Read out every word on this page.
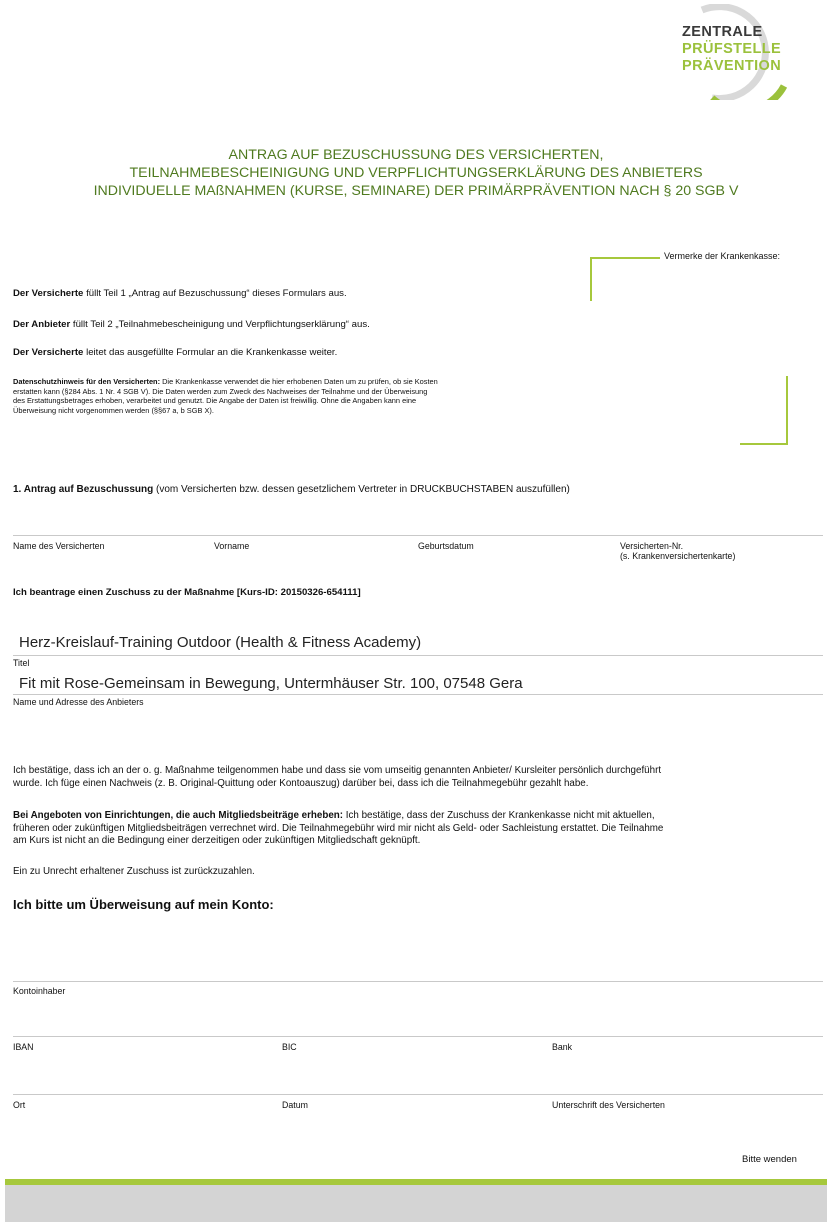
ZENTRALE
PRÜFSTELLE
PRÄVENTION
ANTRAG AUF BEZUSCHUSSUNG DES VERSICHERTEN,
TEILNAHMEBESCHEINIGUNG UND VERPFLICHTUNGSERKLÄRUNG DES ANBIETERS
INDIVIDUELLE MAßNAHMEN (KURSE, SEMINARE) DER PRIMÄRPRÄVENTION NACH § 20 SGB V
Vermerke der Krankenkasse:
Der Versicherte füllt Teil 1 „Antrag auf Bezuschussung“ dieses Formulars aus.
Der Anbieter füllt Teil 2 „Teilnahmebescheinigung und Verpflichtungserklärung“ aus.
Der Versicherte leitet das ausgefüllte Formular an die Krankenkasse weiter.
Datenschutzhinweis für den Versicherten: Die Krankenkasse verwendet die hier erhobenen Daten um zu prüfen, ob sie Kosten
erstatten kann (§284 Abs. 1 Nr. 4 SGB V). Die Daten werden zum Zweck des Nachweises der Teilnahme und der Überweisung
des Erstattungsbetrages erhoben, verarbeitet und genutzt. Die Angabe der Daten ist freiwillig. Ohne die Angaben kann eine
Überweisung nicht vorgenommen werden (§§67 a, b SGB X).
1. Antrag auf Bezuschussung (vom Versicherten bzw. dessen gesetzlichem Vertreter in DRUCKBUCHSTABEN auszufüllen)
Name des Versicherten	Vorname	Geburtsdatum	Versicherten-Nr.
(s. Krankenversichertenkarte)
Ich beantrage einen Zuschuss zu der Maßnahme [Kurs-ID: 20150326-654111]
Herz-Kreislauf-Training Outdoor (Health & Fitness Academy)
Titel
Fit mit Rose-Gemeinsam in Bewegung, Untermhäuser Str. 100, 07548 Gera
Name und Adresse des Anbieters
Ich bestätige, dass ich an der o. g. Maßnahme teilgenommen habe und dass sie vom umseitig genannten Anbieter/ Kursleiter persönlich durchgeführt
wurde. Ich füge einen Nachweis (z. B. Original-Quittung oder Kontoauszug) darüber bei, dass ich die Teilnahmegebühr gezahlt habe.
Bei Angeboten von Einrichtungen, die auch Mitgliedsbeiträge erheben: Ich bestätige, dass der Zuschuss der Krankenkasse nicht mit aktuellen,
früheren oder zukünftigen Mitgliedsbeiträgen verrechnet wird. Die Teilnahmegebühr wird mir nicht als Geld- oder Sachleistung erstattet. Die Teilnahme
am Kurs ist nicht an die Bedingung einer derzeitigen oder zukünftigen Mitgliedschaft geknüpft.
Ein zu Unrecht erhaltener Zuschuss ist zurückzuzahlen.
Ich bitte um Überweisung auf mein Konto:
Kontoinhaber
IBAN	BIC	Bank
Ort	Datum	Unterschrift des Versicherten
Bitte wenden
